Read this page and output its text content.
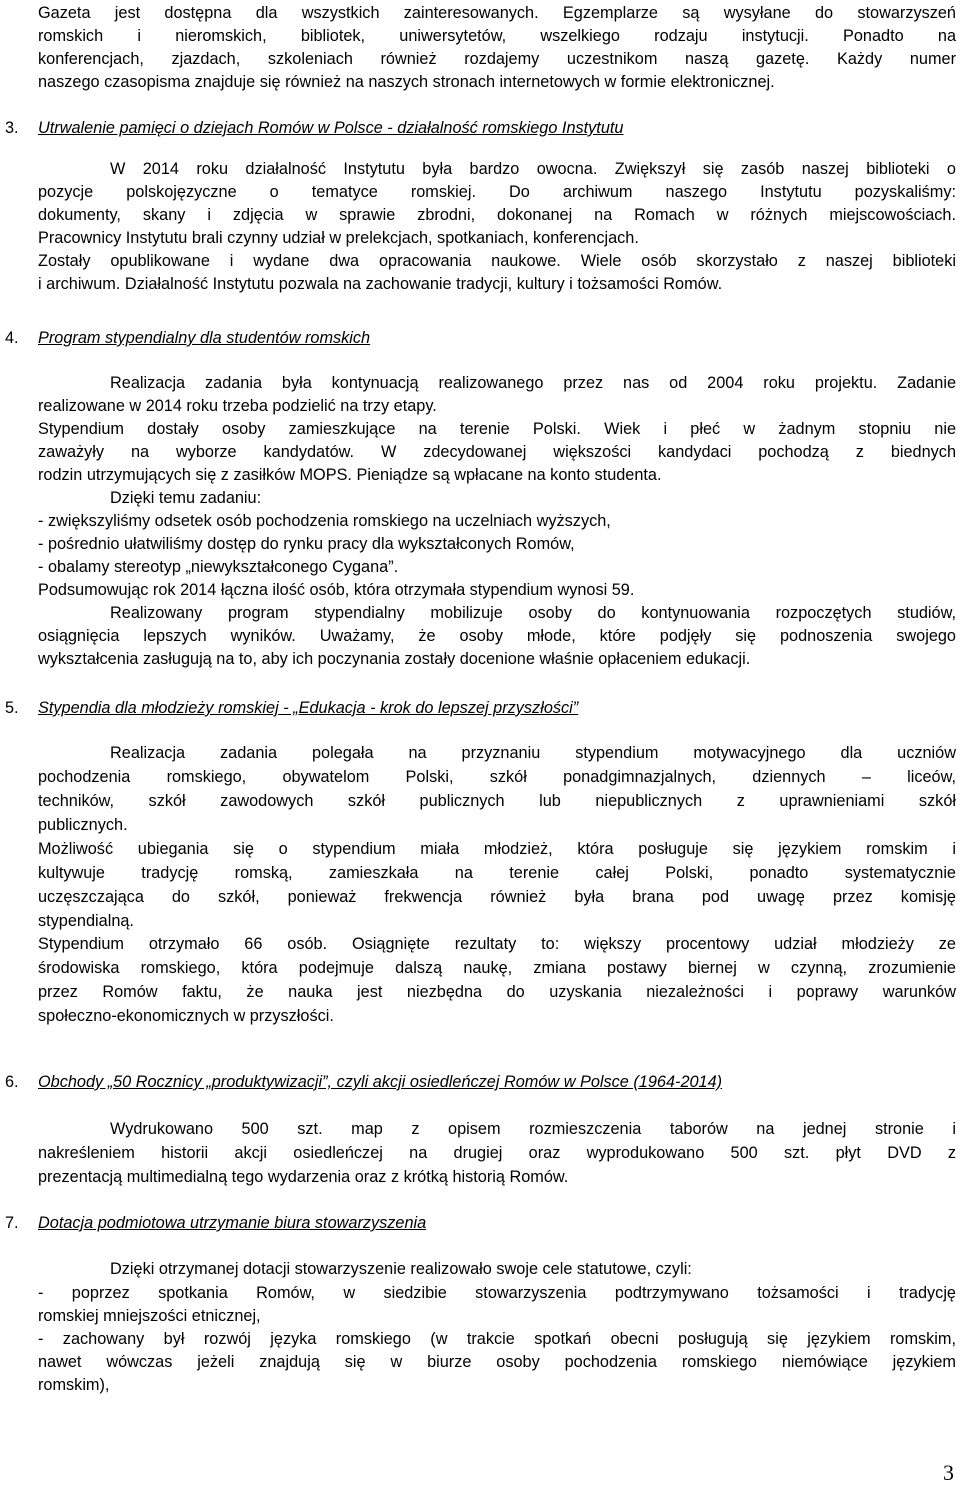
Gazeta jest dostępna dla wszystkich zainteresowanych. Egzemplarze są wysyłane do stowarzyszeń
romskich i nieromskich, bibliotek, uniwersytetów, wszelkiego rodzaju instytucji. Ponadto na
konferencjach, zjazdach, szkoleniach również rozdajemy uczestnikom naszą gazetę. Każdy numer
naszego czasopisma znajduje się również na naszych stronach internetowych w formie elektronicznej.
3.	Utrwalenie pamięci o dziejach Romów w Polsce - działalność romskiego Instytutu
W 2014 roku działalność Instytutu była bardzo owocna. Zwiększył się zasób naszej biblioteki o
pozycje polskojęzyczne o tematyce romskiej. Do archiwum naszego Instytutu pozyskaliśmy:
dokumenty, skany i zdjęcia w sprawie zbrodni, dokonanej na Romach w różnych miejscowościach.
Pracownicy Instytutu brali czynny udział w prelekcjach, spotkaniach, konferencjach.
Zostały opublikowane i wydane dwa opracowania naukowe. Wiele osób skorzystało z naszej biblioteki
i archiwum. Działalność Instytutu pozwala na zachowanie tradycji, kultury i tożsamości Romów.
4.	Program stypendialny dla studentów romskich
Realizacja zadania była kontynuacją realizowanego przez nas od 2004 roku projektu. Zadanie
realizowane w 2014 roku trzeba podzielić na trzy etapy.
Stypendium dostały osoby zamieszkujące na terenie Polski. Wiek i płeć w żadnym stopniu nie
zaważyły na wyborze kandydatów. W zdecydowanej większości kandydaci pochodzą z biednych
rodzin utrzymujących się z zasiłków MOPS. Pieniądze są wpłacane na konto studenta.
Dzięki temu zadaniu:
- zwiększyliśmy odsetek osób pochodzenia romskiego na uczelniach wyższych,
- pośrednio ułatwiliśmy dostęp do rynku pracy dla wykształconych Romów,
- obalamy stereotyp „niewykształconego Cygana”.
Podsumowując rok 2014 łączna ilość osób, która otrzymała stypendium wynosi 59.
Realizowany program stypendialny mobilizuje osoby do kontynuowania rozpoczętych studiów,
osiągnięcia lepszych wyników. Uważamy, że osoby młode, które podjęły się podnoszenia swojego
wykształcenia zasługują na to, aby ich poczynania zostały docenione właśnie opłaceniem edukacji.
5.	Stypendia dla młodzieży romskiej - „Edukacja - krok do lepszej przyszłości”
Realizacja zadania polegała na przyznaniu stypendium motywacyjnego dla uczniów
pochodzenia romskiego, obywatelom Polski, szkół ponadgimnazjalnych, dziennych – liceów,
techników, szkół zawodowych szkół publicznych lub niepublicznych z uprawnieniami szkół
publicznych.
Możliwość ubiegania się o stypendium miała młodzież, która posługuje się językiem romskim i
kultywuje tradycję romską, zamieszkała na terenie całej Polski, ponadto systematycznie
uczęszczająca do szkół, ponieważ frekwencja również była brana pod uwagę przez komisję
stypendialną.
Stypendium otrzymało 66 osób. Osiągnięte rezultaty to: większy procentowy udział młodzieży ze
środowiska romskiego, która podejmuje dalszą naukę, zmiana postawy biernej w czynną, zrozumienie
przez Romów faktu, że nauka jest niezbędna do uzyskania niezależności i poprawy warunków
społeczno-ekonomicznych w przyszłości.
6.	Obchody „50 Rocznicy „produktywizacji”, czyli akcji osiedleńczej Romów w Polsce (1964-2014)
Wydrukowano 500 szt. map z opisem rozmieszczenia taborów na jednej stronie i
nakreśleniem historii akcji osiedleńczej na drugiej oraz wyprodukowano 500 szt. płyt DVD z
prezentacją multimedialną tego wydarzenia oraz z krótką historią Romów.
7.	Dotacja podmiotowa utrzymanie biura stowarzyszenia
Dzięki otrzymanej dotacji stowarzyszenie realizowało swoje cele statutowe, czyli:
- poprzez spotkania Romów, w siedzibie stowarzyszenia podtrzymywano tożsamości i tradycję
romskiej mniejszości etnicznej,
- zachowany był rozwój języka romskiego (w trakcie spotkań obecni posługują się językiem romskim,
nawet wówczas jeżeli znajdują się w biurze osoby pochodzenia romskiego niemówiące językiem
romskim),
3
